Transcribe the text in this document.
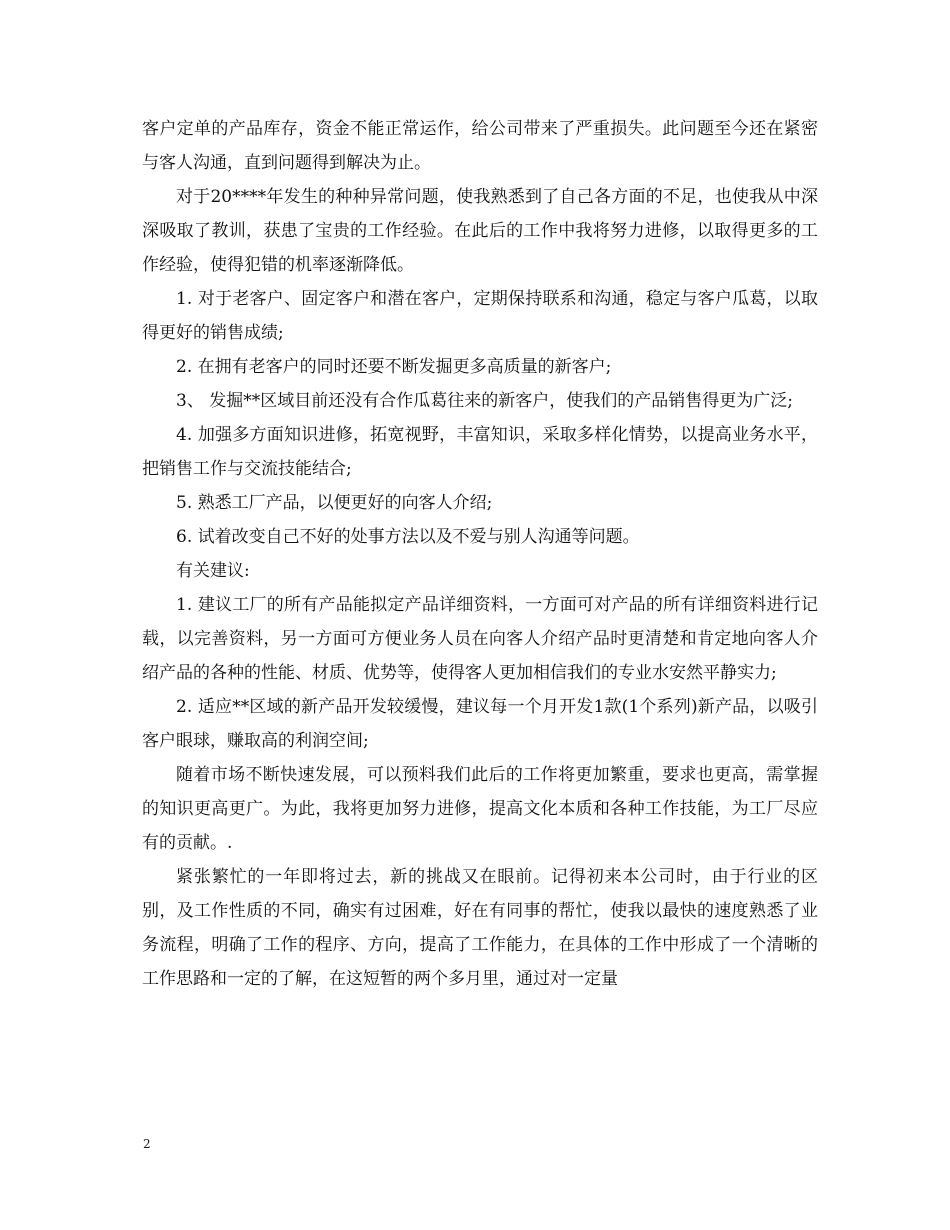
客户定单的产品库存，资金不能正常运作，给公司带来了严重损失。此问题至今还在紧密与客人沟通，直到问题得到解决为止。

对于20****年发生的种种异常问题，使我熟悉到了自己各方面的不足，也使我从中深深吸取了教训，获患了宝贵的工作经验。在此后的工作中我将努力进修，以取得更多的工作经验，使得犯错的机率逐渐降低。

1. 对于老客户、固定客户和潜在客户，定期保持联系和沟通，稳定与客户瓜葛，以取得更好的销售成绩;

2. 在拥有老客户的同时还要不断发掘更多高质量的新客户;

3、 发掘**区域目前还没有合作瓜葛往来的新客户，使我们的产品销售得更为广泛;

4. 加强多方面知识进修，拓宽视野，丰富知识，采取多样化情势，以提高业务水平，把销售工作与交流技能结合;

5. 熟悉工厂产品，以便更好的向客人介绍;

6. 试着改变自己不好的处事方法以及不爱与别人沟通等问题。

有关建议:

1. 建议工厂的所有产品能拟定产品详细资料，一方面可对产品的所有详细资料进行记载，以完善资料，另一方面可方便业务人员在向客人介绍产品时更清楚和肯定地向客人介绍产品的各种的性能、材质、优势等，使得客人更加相信我们的专业水安然平静实力;

2. 适应**区域的新产品开发较缓慢，建议每一个月开发1款(1个系列)新产品，以吸引客户眼球，赚取高的利润空间;

随着市场不断快速发展，可以预料我们此后的工作将更加繁重，要求也更高，需掌握的知识更高更广。为此，我将更加努力进修，提高文化本质和各种工作技能，为工厂尽应有的贡献。.

紧张繁忙的一年即将过去，新的挑战又在眼前。记得初来本公司时，由于行业的区别，及工作性质的不同，确实有过困难，好在有同事的帮忙，使我以最快的速度熟悉了业务流程，明确了工作的程序、方向，提高了工作能力，在具体的工作中形成了一个清晰的工作思路和一定的了解，在这短暂的两个多月里，通过对一定量

2
